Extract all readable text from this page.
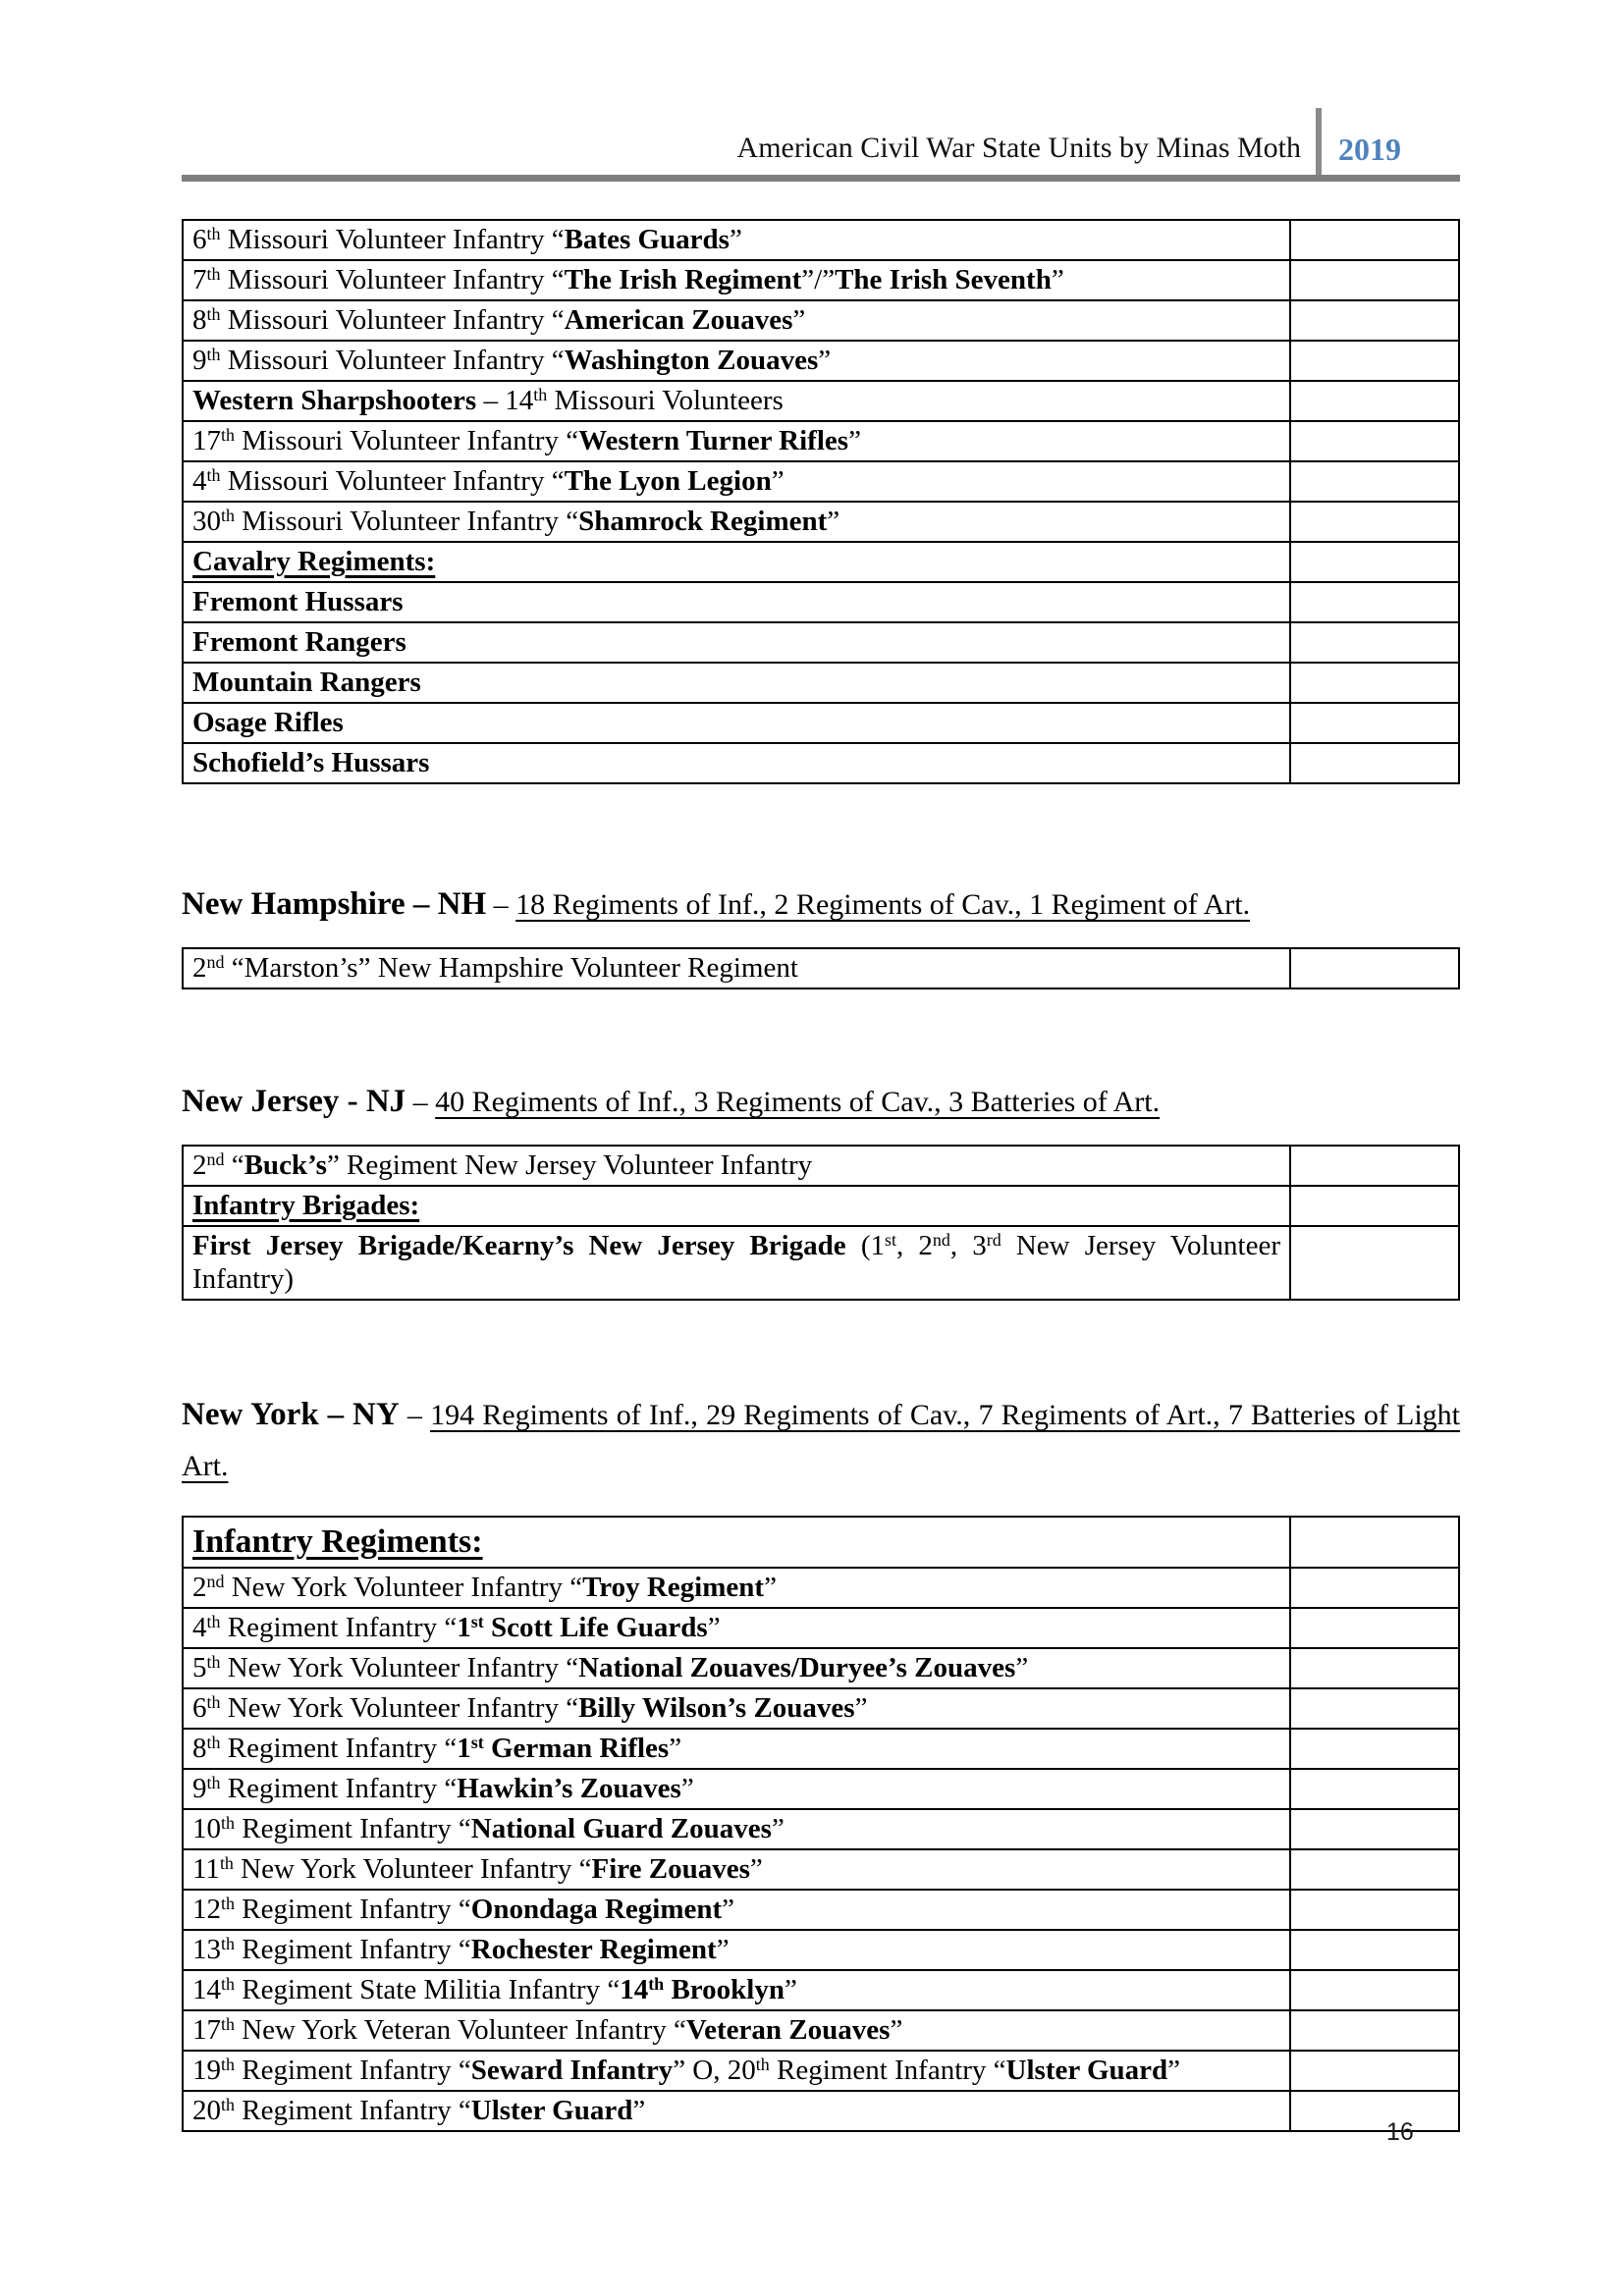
American Civil War State Units by Minas Moth 2019
6th Missouri Volunteer Infantry “Bates Guards”	
7th Missouri Volunteer Infantry “The Irish Regiment”/”The Irish Seventh”	
8th Missouri Volunteer Infantry “American Zouaves”	
9th Missouri Volunteer Infantry “Washington Zouaves”	
Western Sharpshooters – 14th Missouri Volunteers	
17th Missouri Volunteer Infantry “Western Turner Rifles”	
4th Missouri Volunteer Infantry “The Lyon Legion”	
30th Missouri Volunteer Infantry “Shamrock Regiment”	
Cavalry Regiments:	
Fremont Hussars	
Fremont Rangers	
Mountain Rangers	
Osage Rifles	
Schofield’s Hussars	
New Hampshire – NH – 18 Regiments of Inf., 2 Regiments of Cav., 1 Regiment of Art.
2nd “Marston’s” New Hampshire Volunteer Regiment	
New Jersey - NJ – 40 Regiments of Inf., 3 Regiments of Cav., 3 Batteries of Art.
2nd “Buck’s” Regiment New Jersey Volunteer Infantry	
Infantry Brigades:	
First Jersey Brigade/Kearny’s New Jersey Brigade (1st, 2nd, 3rd New Jersey Volunteer Infantry)	
New York – NY – 194 Regiments of Inf., 29 Regiments of Cav., 7 Regiments of Art., 7 Batteries of Light Art.
Infantry Regiments:	
2nd New York Volunteer Infantry “Troy Regiment”	
4th Regiment Infantry “1st Scott Life Guards”	
5th New York Volunteer Infantry “National Zouaves/Duryee’s Zouaves”	
6th New York Volunteer Infantry “Billy Wilson’s Zouaves”	
8th Regiment Infantry “1st German Rifles”	
9th Regiment Infantry “Hawkin’s Zouaves”	
10th Regiment Infantry “National Guard Zouaves”	
11th New York Volunteer Infantry “Fire Zouaves”	
12th Regiment Infantry “Onondaga Regiment”	
13th Regiment Infantry “Rochester Regiment”	
14th Regiment State Militia Infantry “14th Brooklyn”	
17th New York Veteran Volunteer Infantry “Veteran Zouaves”	
19th Regiment Infantry “Seward Infantry” O, 20th Regiment Infantry “Ulster Guard”	
20th Regiment Infantry “Ulster Guard”	
16
